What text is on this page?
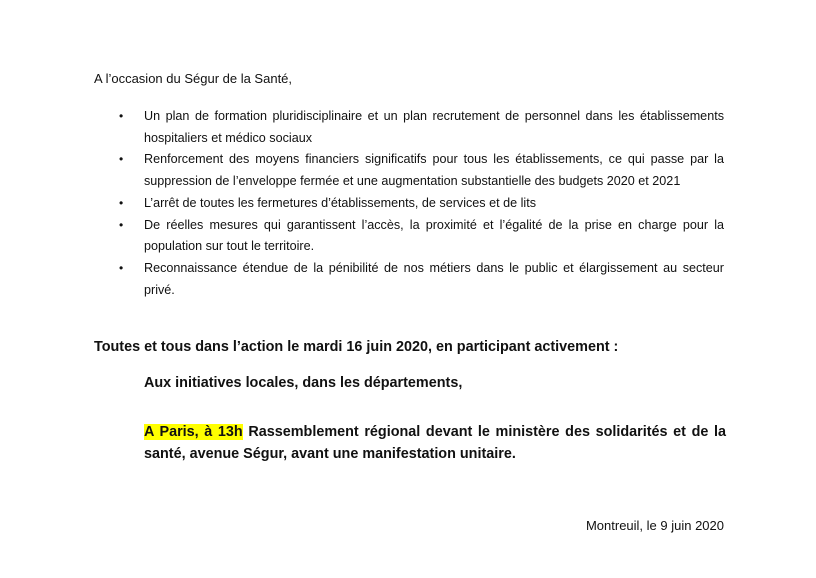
A l’occasion du Ségur de la Santé,

• Un plan de formation pluridisciplinaire et un plan recrutement de personnel dans les établissements hospitaliers et médico sociaux
• Renforcement des moyens financiers significatifs pour tous les établissements, ce qui passe par la suppression de l’enveloppe fermée et une augmentation substantielle des budgets 2020 et 2021
• L’arrêt de toutes les fermetures d’établissements, de services et de lits
• De réelles mesures qui garantissent l’accès, la proximité et l’égalité de la prise en charge pour la population sur tout le territoire.
• Reconnaissance étendue de la pénibilité de nos métiers dans le public et élargissement au secteur privé.

Toutes et tous dans l’action le mardi 16 juin 2020, en participant activement :

Aux initiatives locales, dans les départements,

A Paris, à 13h Rassemblement régional devant le ministère des solidarités et de la santé, avenue Ségur, avant une manifestation unitaire.

Montreuil, le 9 juin 2020
